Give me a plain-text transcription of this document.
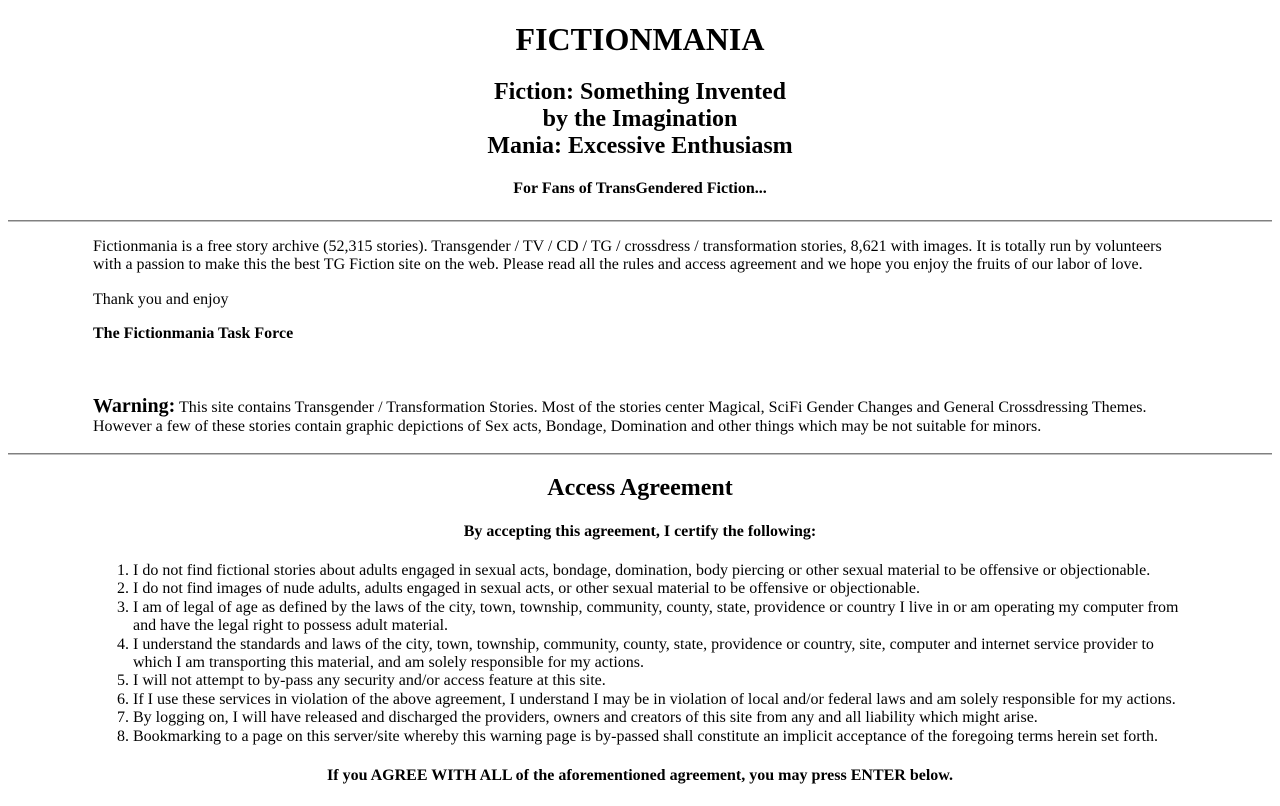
FICTIONMANIA
Fiction: Something Invented
by the Imagination
Mania: Excessive Enthusiasm
For Fans of TransGendered Fiction...

Fictionmania is a free story archive (52,315 stories). Transgender / TV / CD / TG / crossdress / transformation stories, 8,621 with images. It is totally run by volunteers with a passion to make this the best TG Fiction site on the web. Please read all the rules and access agreement and we hope you enjoy the fruits of our labor of love.

Thank you and enjoy

The Fictionmania Task Force

Warning: This site contains Transgender / Transformation Stories. Most of the stories center Magical, SciFi Gender Changes and General Crossdressing Themes. However a few of these stories contain graphic depictions of Sex acts, Bondage, Domination and other things which may be not suitable for minors.

Access Agreement
By accepting this agreement, I certify the following:
1. I do not find fictional stories about adults engaged in sexual acts, bondage, domination, body piercing or other sexual material to be offensive or objectionable.
2. I do not find images of nude adults, adults engaged in sexual acts, or other sexual material to be offensive or objectionable.
3. I am of legal of age as defined by the laws of the city, town, township, community, county, state, providence or country I live in or am operating my computer from and have the legal right to possess adult material.
4. I understand the standards and laws of the city, town, township, community, county, state, providence or country, site, computer and internet service provider to which I am transporting this material, and am solely responsible for my actions.
5. I will not attempt to by-pass any security and/or access feature at this site.
6. If I use these services in violation of the above agreement, I understand I may be in violation of local and/or federal laws and am solely responsible for my actions.
7. By logging on, I will have released and discharged the providers, owners and creators of this site from any and all liability which might arise.
8. Bookmarking to a page on this server/site whereby this warning page is by-passed shall constitute an implicit acceptance of the foregoing terms herein set forth.
If you AGREE WITH ALL of the aforementioned agreement, you may press ENTER below.
